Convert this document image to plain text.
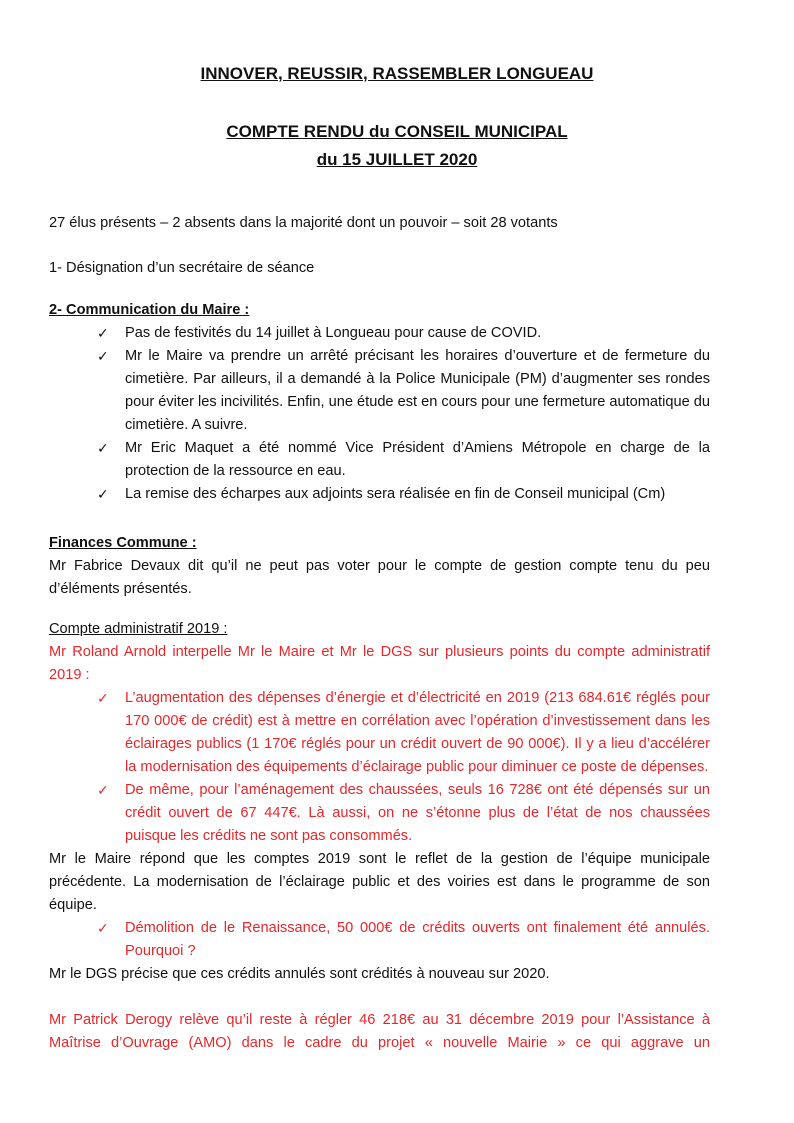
INNOVER, REUSSIR, RASSEMBLER LONGUEAU
COMPTE RENDU du CONSEIL MUNICIPAL
du 15 JUILLET 2020
27 élus présents – 2 absents dans la majorité dont un pouvoir – soit 28 votants
1- Désignation d’un secrétaire de séance
2- Communication du Maire :
✓	Pas de festivités du 14 juillet à Longueau pour cause de COVID.
✓	Mr le Maire va prendre un arrêté précisant les horaires d’ouverture et de fermeture du cimetière. Par ailleurs, il a demandé à la Police Municipale (PM) d’augmenter ses rondes pour éviter les incivilités. Enfin, une étude est en cours pour une fermeture automatique du cimetière. A suivre.
✓	Mr Eric Maquet a été nommé Vice Président d’Amiens Métropole en charge de la protection de la ressource en eau.
✓	La remise des écharpes aux adjoints sera réalisée en fin de Conseil municipal (Cm)
Finances Commune :
Mr Fabrice Devaux dit qu’il ne peut pas voter pour le compte de gestion compte tenu du peu d’éléments présentés.
Compte administratif 2019 :
Mr Roland Arnold interpelle Mr le Maire et Mr le DGS sur plusieurs points du compte administratif 2019 :
✓	L’augmentation des dépenses d’énergie et d’électricité en 2019 (213 684.61€ réglés pour 170 000€ de crédit) est à mettre en corrélation avec l’opération d’investissement dans les éclairages publics (1 170€ réglés pour un crédit ouvert de 90 000€). Il y a lieu d’accélérer la modernisation des équipements d’éclairage public pour diminuer ce poste de dépenses.
✓	De même, pour l’aménagement des chaussées, seuls 16 728€ ont été dépensés sur un crédit ouvert de 67 447€. Là aussi, on ne s’étonne plus de l’état de nos chaussées puisque les crédits ne sont pas consommés.
Mr le Maire répond que les comptes 2019 sont le reflet de la gestion de l’équipe municipale précédente. La modernisation de l’éclairage public et des voiries est dans le programme de son équipe.
✓	Démolition de le Renaissance, 50 000€ de crédits ouverts ont finalement été annulés. Pourquoi ?
Mr le DGS précise que ces crédits annulés sont crédités à nouveau sur 2020.
Mr Patrick Derogy relève qu’il reste à régler 46 218€ au 31 décembre 2019 pour l’Assistance à Maîtrise d’Ouvrage (AMO) dans le cadre du projet « nouvelle Mairie » ce qui aggrave un
